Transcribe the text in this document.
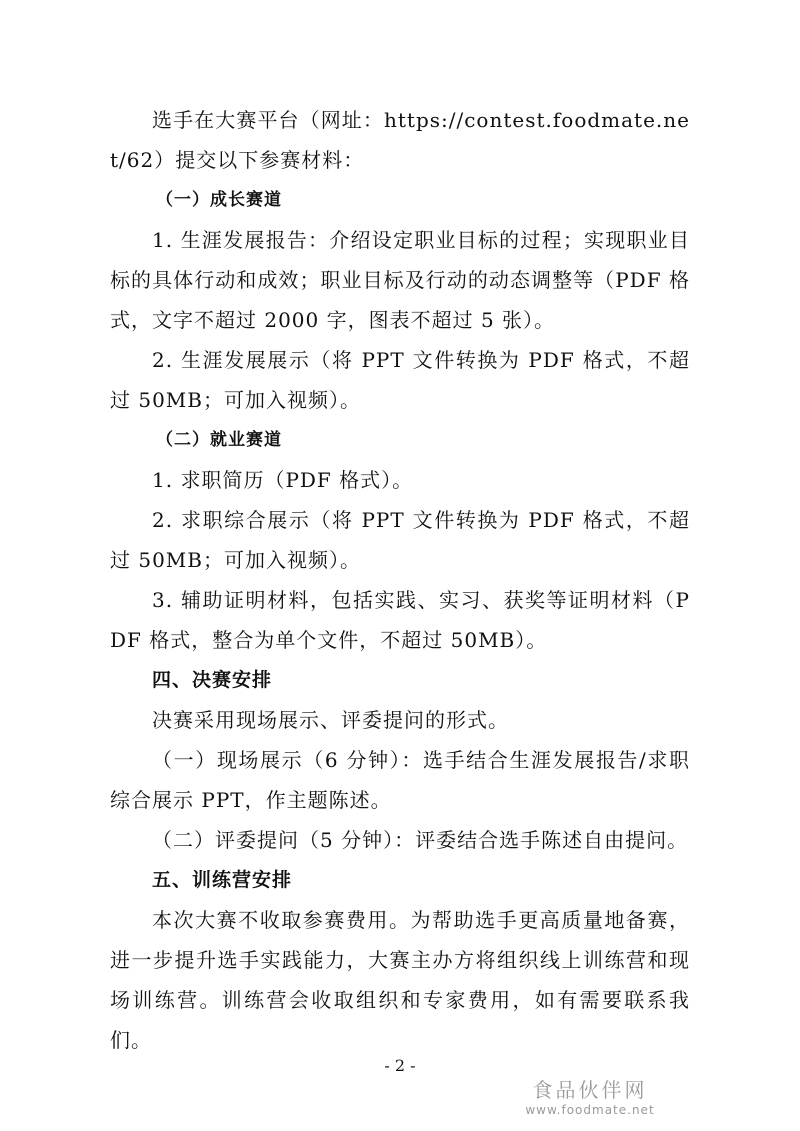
选手在大赛平台（网址：https://contest.foodmate.net/62）提交以下参赛材料：

（一）成长赛道

1. 生涯发展报告：介绍设定职业目标的过程；实现职业目标的具体行动和成效；职业目标及行动的动态调整等（PDF 格式，文字不超过 2000 字，图表不超过 5 张）。

2. 生涯发展展示（将 PPT 文件转换为 PDF 格式，不超过 50MB；可加入视频）。

（二）就业赛道

1. 求职简历（PDF 格式）。

2. 求职综合展示（将 PPT 文件转换为 PDF 格式，不超过 50MB；可加入视频）。

3. 辅助证明材料，包括实践、实习、获奖等证明材料（PDF 格式，整合为单个文件，不超过 50MB）。

四、决赛安排

决赛采用现场展示、评委提问的形式。

（一）现场展示（6 分钟）：选手结合生涯发展报告/求职综合展示 PPT，作主题陈述。

（二）评委提问（5 分钟）：评委结合选手陈述自由提问。

五、训练营安排

本次大赛不收取参赛费用。为帮助选手更高质量地备赛，进一步提升选手实践能力，大赛主办方将组织线上训练营和现场训练营。训练营会收取组织和专家费用，如有需要联系我们。

- 2 -
食品伙伴网
www.foodmate.net
